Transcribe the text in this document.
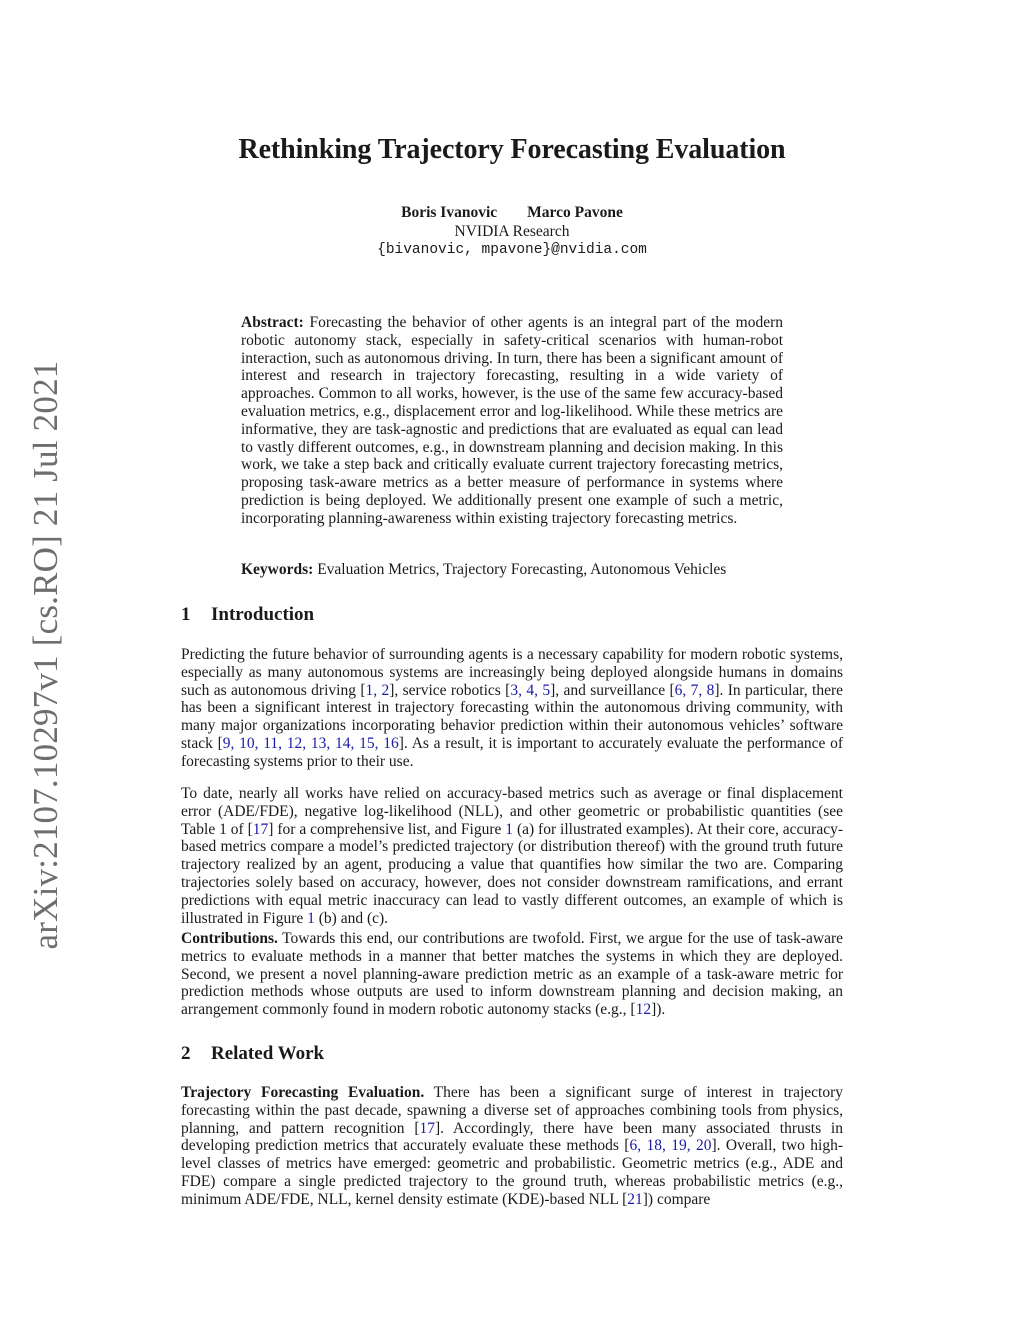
arXiv:2107.10297v1 [cs.RO] 21 Jul 2021
Rethinking Trajectory Forecasting Evaluation
Boris Ivanovic Marco Pavone
NVIDIA Research
{bivanovic, mpavone}@nvidia.com
Abstract: Forecasting the behavior of other agents is an integral part of the modern robotic autonomy stack, especially in safety-critical scenarios with human-robot interaction, such as autonomous driving. In turn, there has been a significant amount of interest and research in trajectory forecasting, resulting in a wide variety of approaches. Common to all works, however, is the use of the same few accuracy-based evaluation metrics, e.g., displacement error and log-likelihood. While these metrics are informative, they are task-agnostic and predictions that are evaluated as equal can lead to vastly different outcomes, e.g., in downstream planning and decision making. In this work, we take a step back and critically evaluate current trajectory forecasting metrics, proposing task-aware metrics as a better measure of performance in systems where prediction is being deployed. We additionally present one example of such a metric, incorporating planning-awareness within existing trajectory forecasting metrics.
Keywords: Evaluation Metrics, Trajectory Forecasting, Autonomous Vehicles
1 Introduction
Predicting the future behavior of surrounding agents is a necessary capability for modern robotic systems, especially as many autonomous systems are increasingly being deployed alongside humans in domains such as autonomous driving [1, 2], service robotics [3, 4, 5], and surveillance [6, 7, 8]. In particular, there has been a significant interest in trajectory forecasting within the autonomous driving community, with many major organizations incorporating behavior prediction within their autonomous vehicles’ software stack [9, 10, 11, 12, 13, 14, 15, 16]. As a result, it is important to accurately evaluate the performance of forecasting systems prior to their use.
To date, nearly all works have relied on accuracy-based metrics such as average or final displacement error (ADE/FDE), negative log-likelihood (NLL), and other geometric or probabilistic quantities (see Table 1 of [17] for a comprehensive list, and Figure 1 (a) for illustrated examples). At their core, accuracy-based metrics compare a model’s predicted trajectory (or distribution thereof) with the ground truth future trajectory realized by an agent, producing a value that quantifies how similar the two are. Comparing trajectories solely based on accuracy, however, does not consider downstream ramifications, and errant predictions with equal metric inaccuracy can lead to vastly different outcomes, an example of which is illustrated in Figure 1 (b) and (c).
Contributions. Towards this end, our contributions are twofold. First, we argue for the use of task-aware metrics to evaluate methods in a manner that better matches the systems in which they are deployed. Second, we present a novel planning-aware prediction metric as an example of a task-aware metric for prediction methods whose outputs are used to inform downstream planning and decision making, an arrangement commonly found in modern robotic autonomy stacks (e.g., [12]).
2 Related Work
Trajectory Forecasting Evaluation. There has been a significant surge of interest in trajectory forecasting within the past decade, spawning a diverse set of approaches combining tools from physics, planning, and pattern recognition [17]. Accordingly, there have been many associated thrusts in developing prediction metrics that accurately evaluate these methods [6, 18, 19, 20]. Overall, two high-level classes of metrics have emerged: geometric and probabilistic. Geometric metrics (e.g., ADE and FDE) compare a single predicted trajectory to the ground truth, whereas probabilistic metrics (e.g., minimum ADE/FDE, NLL, kernel density estimate (KDE)-based NLL [21]) compare
